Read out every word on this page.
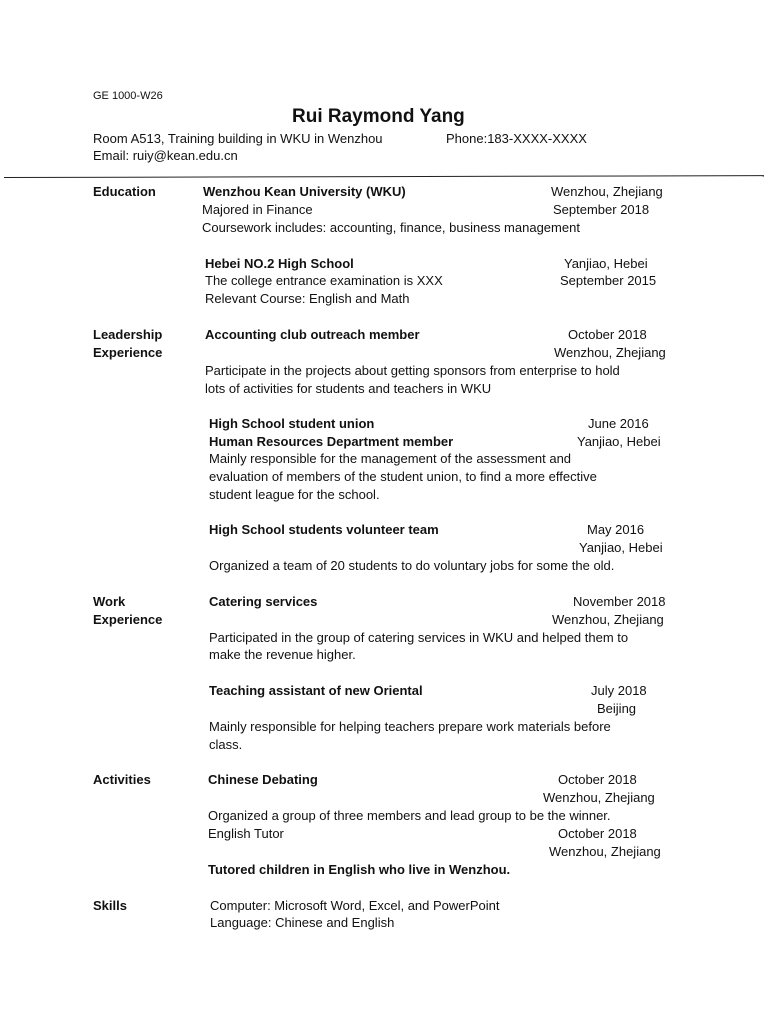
GE 1000-W26
Rui Raymond Yang
Room A513, Training building in WKU in Wenzhou	Phone:183-XXXX-XXXX
Email: ruiy@kean.edu.cn
Education	Wenzhou Kean University (WKU)	Wenzhou, Zhejiang
Majored in Finance	September 2018
Coursework includes: accounting, finance, business management
Hebei NO.2 High School	Yanjiao, Hebei
The college entrance examination is XXX	September 2015
Relevant Course: English and Math
Leadership
Experience
Accounting club outreach member	October 2018
Wenzhou, Zhejiang
Participate in the projects about getting sponsors from enterprise to hold
lots of activities for students and teachers in WKU
High School student union	June 2016
Human Resources Department member	Yanjiao, Hebei
Mainly responsible for the management of the assessment and
evaluation of members of the student union, to find a more effective
student league for the school.
High School students volunteer team	May 2016
Yanjiao, Hebei
Organized a team of 20 students to do voluntary jobs for some the old.
Work
Experience
Catering services	November 2018
Wenzhou, Zhejiang
Participated in the group of catering services in WKU and helped them to
make the revenue higher.
Teaching assistant of new Oriental	July 2018
Beijing
Mainly responsible for helping teachers prepare work materials before
class.
Activities	Chinese Debating	October 2018
Wenzhou, Zhejiang
Organized a group of three members and lead group to be the winner.
English Tutor	October 2018
Wenzhou, Zhejiang
Tutored children in English who live in Wenzhou.
Skills	Computer: Microsoft Word, Excel, and PowerPoint
Language: Chinese and English
